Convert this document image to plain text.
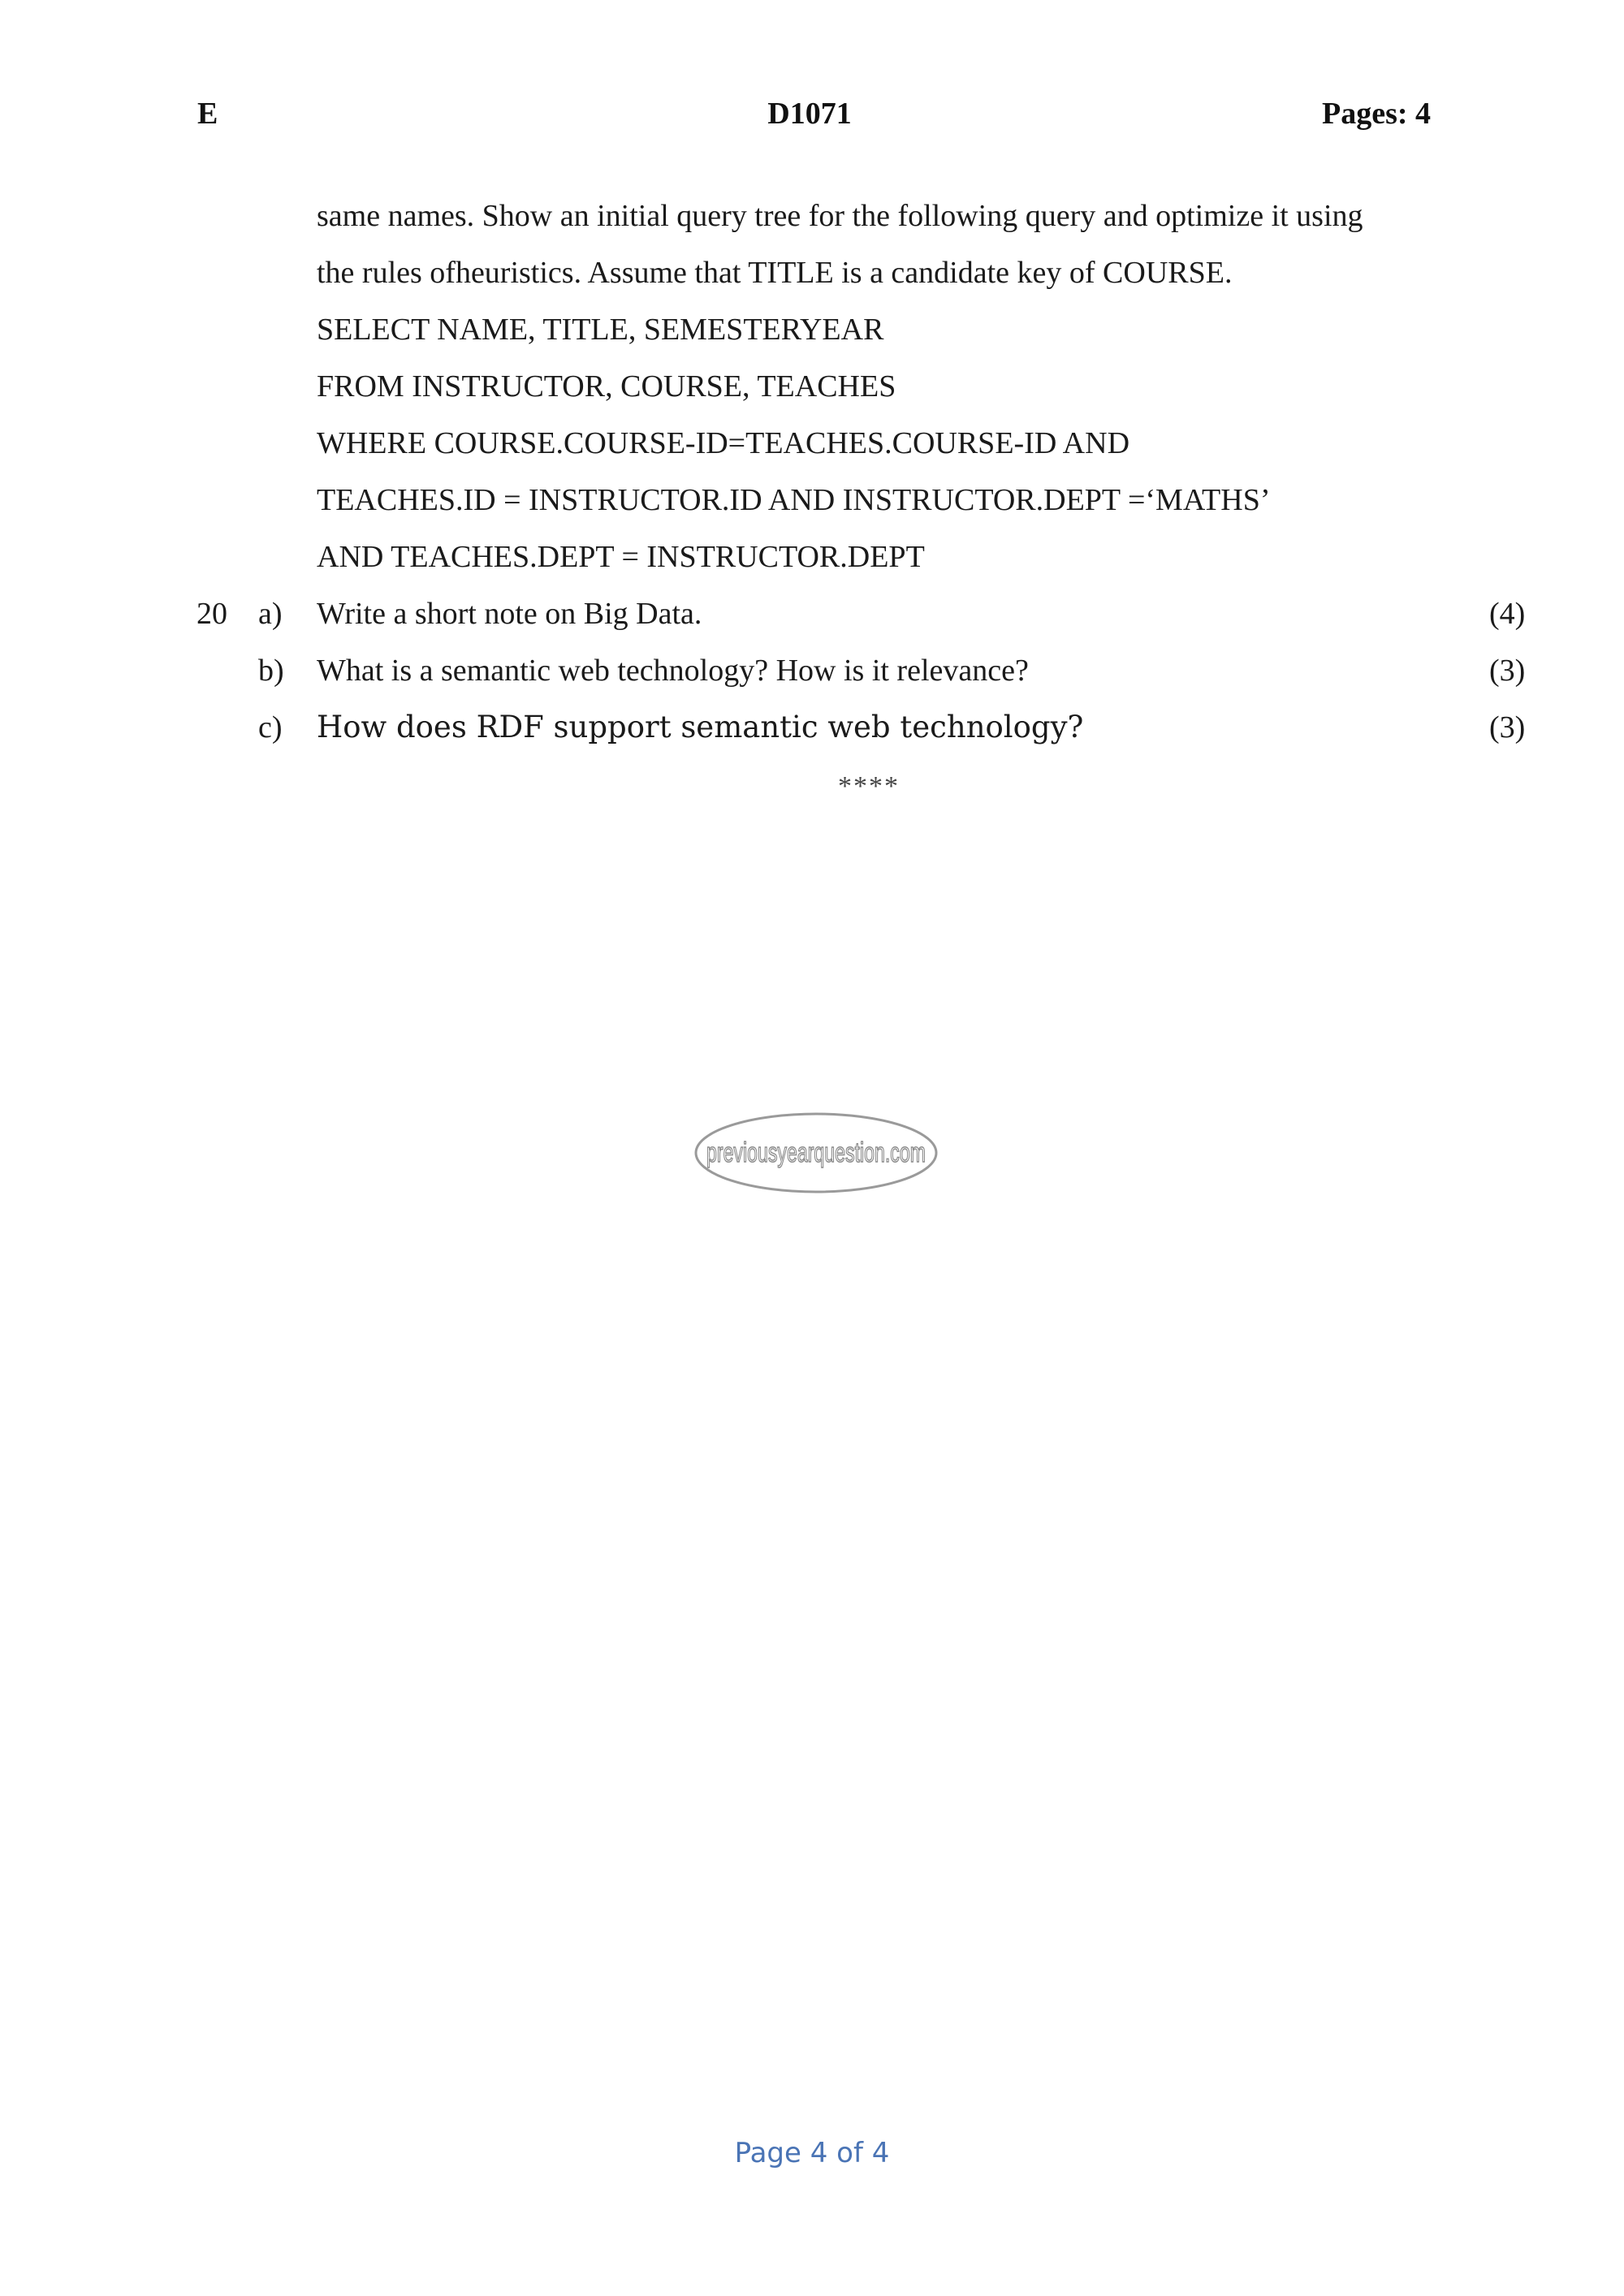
E	D1071	Pages: 4
same names. Show an initial query tree for the following query and optimize it using
the rules ofheuristics. Assume that TITLE is a candidate key of COURSE.
SELECT NAME, TITLE, SEMESTERYEAR
FROM INSTRUCTOR, COURSE, TEACHES
WHERE COURSE.COURSE-ID=TEACHES.COURSE-ID AND
TEACHES.ID = INSTRUCTOR.ID AND INSTRUCTOR.DEPT =‘MATHS’
AND TEACHES.DEPT = INSTRUCTOR.DEPT
20 a) Write a short note on Big Data.	(4)
b) What is a semantic web technology? How is it relevance?	(3)
c) How does RDF support semantic web technology?	(3)
****
previousyearquestion.com
Page 4 of 4
